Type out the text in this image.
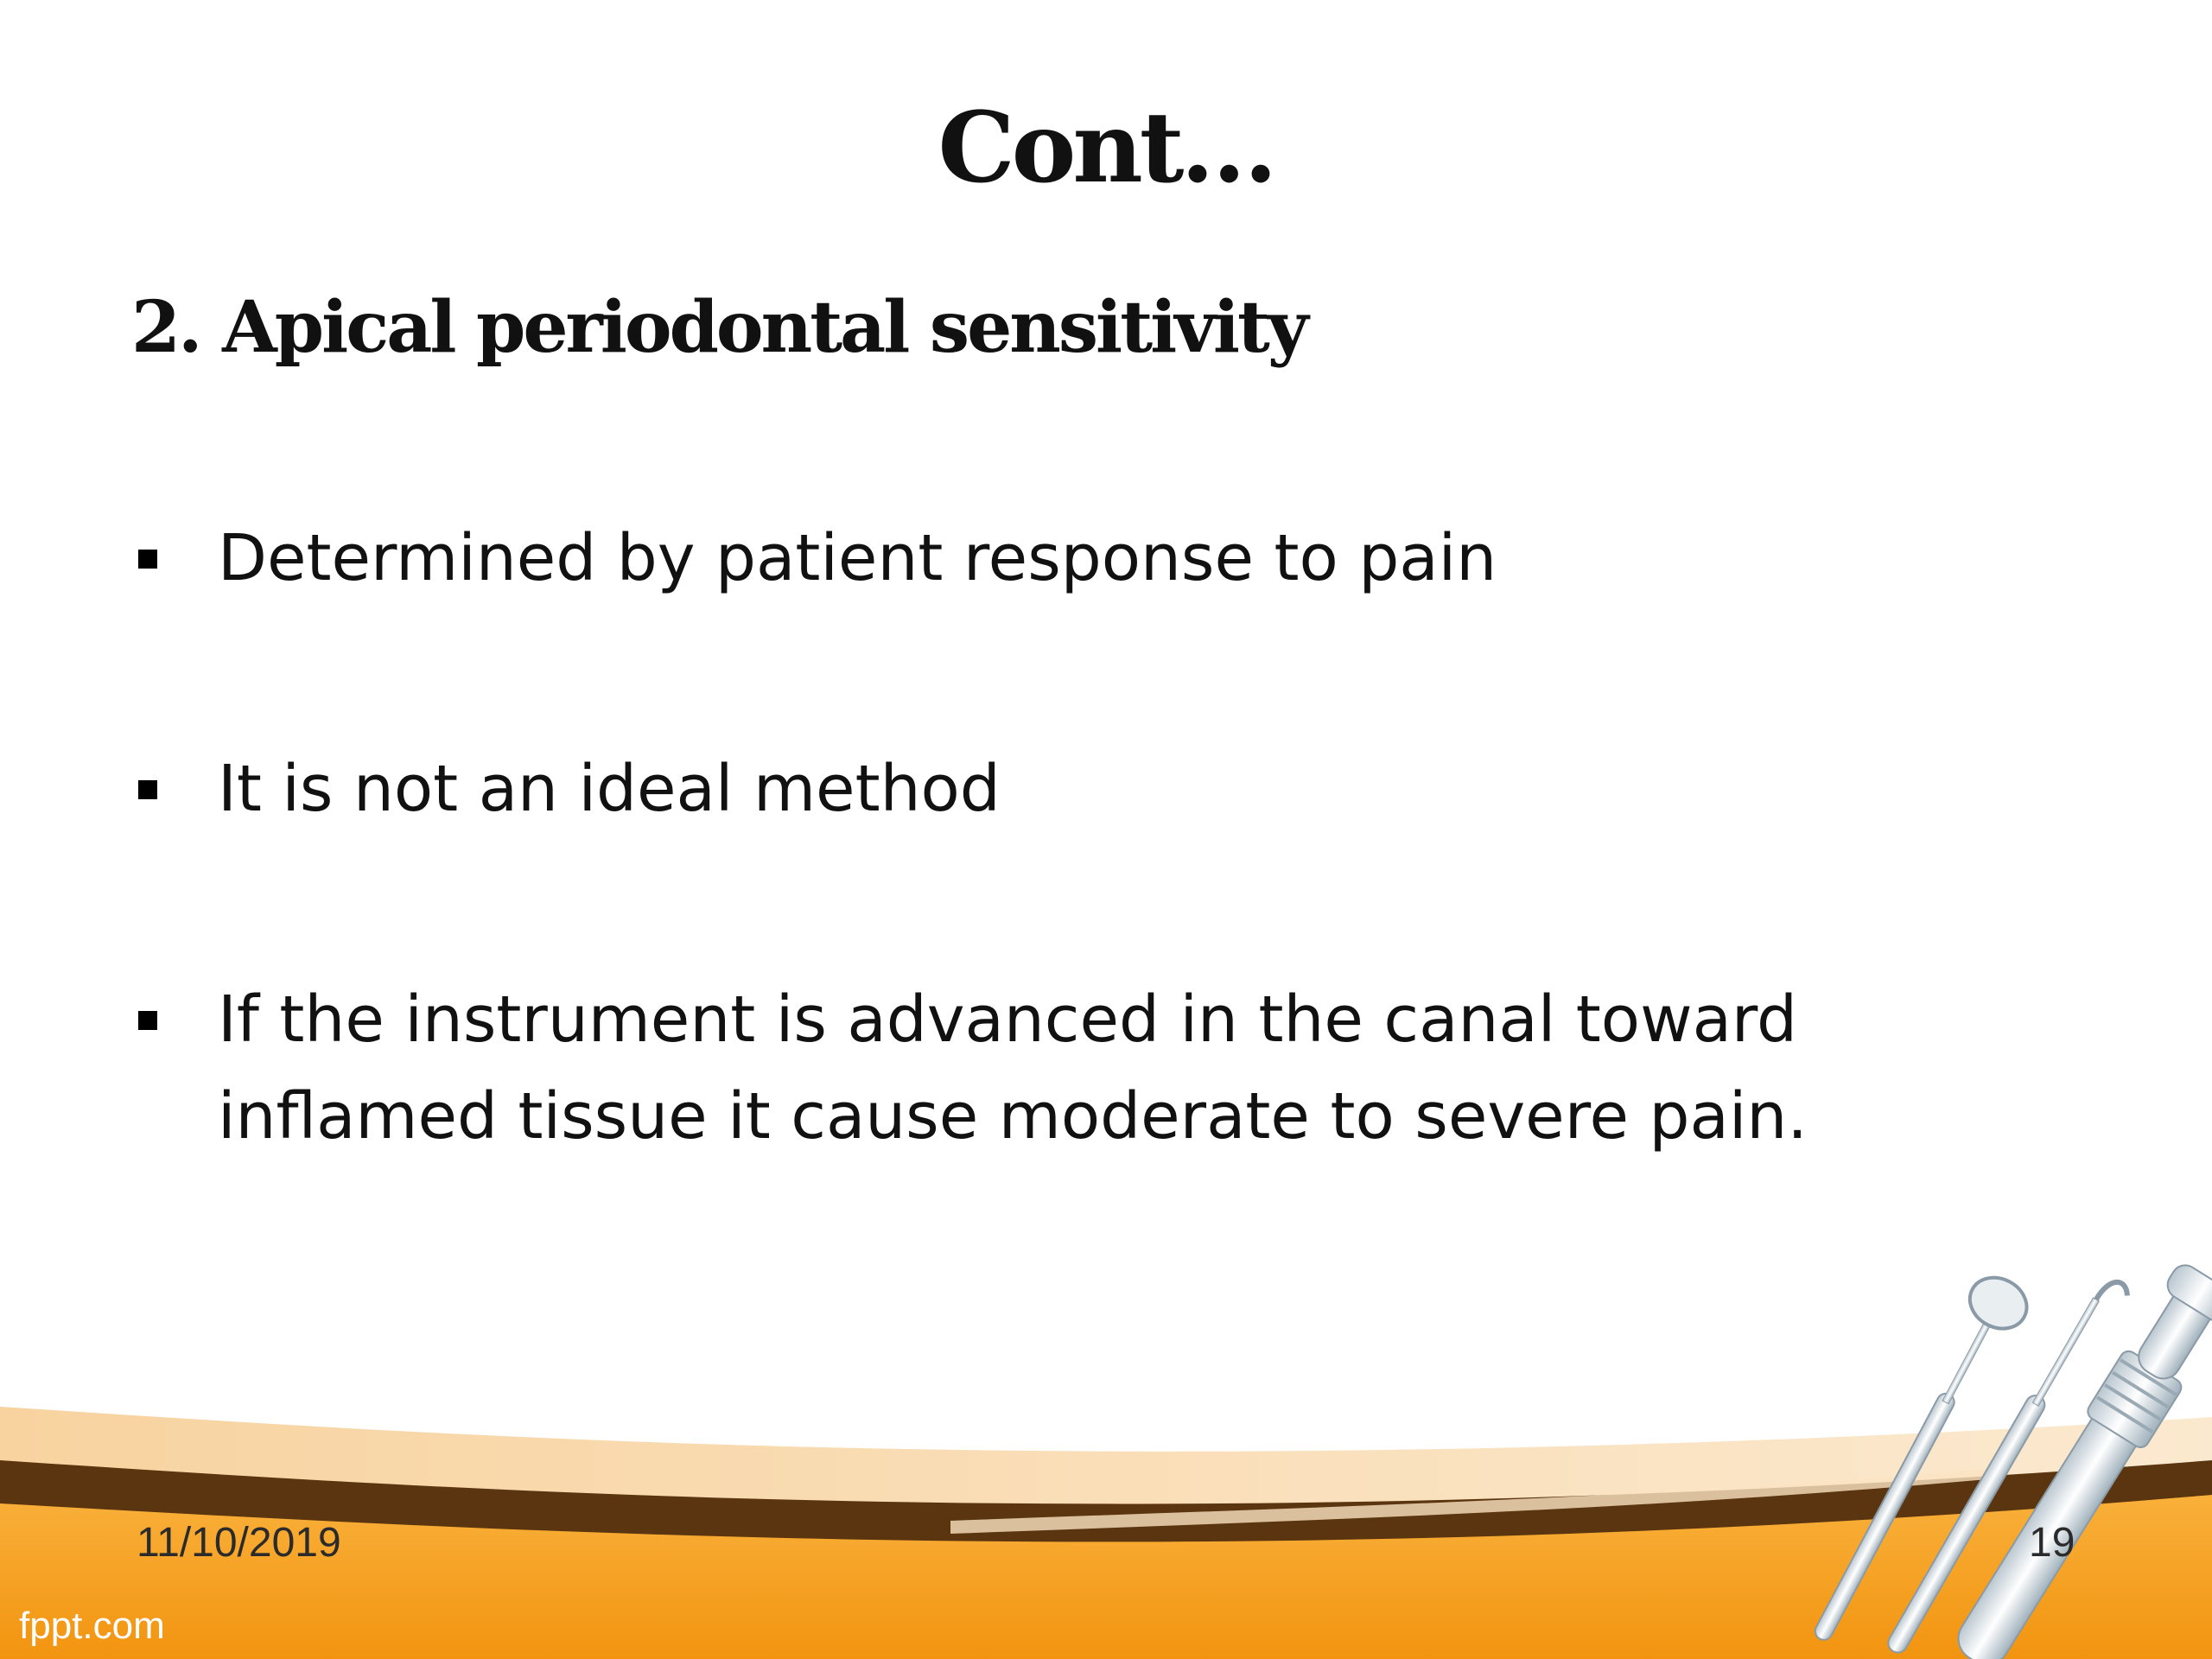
Cont…
2. Apical periodontal sensitivity
Determined by patient response to pain
It is not an ideal method
If the instrument is advanced in the canal toward inflamed tissue it cause moderate to severe pain.
11/10/2019	19
fppt.com
